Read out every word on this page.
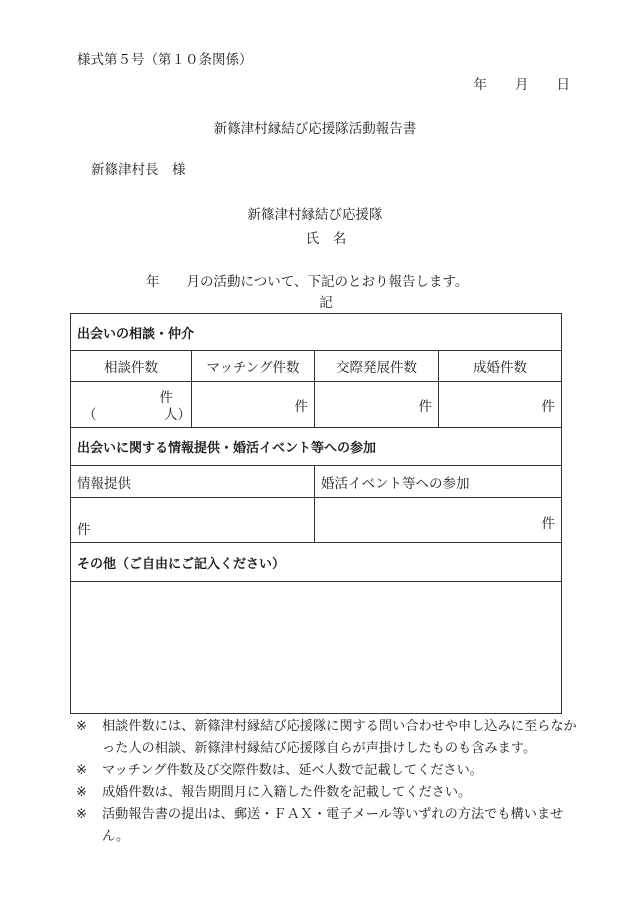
様式第５号（第１０条関係）
年 月 日
新篠津村縁結び応援隊活動報告書
新篠津村長　様
新篠津村縁結び応援隊
氏　名
年　　月の活動について、下記のとおり報告します。
記
出会いの相談・仲介			
相談件数	マッチング件数	交際発展件数	成婚件数

件
（　　　　　人）	件	件	件
出会いに関する情報提供・婚活イベント等への参加			
情報提供		婚活イベント等への参加	
件		件	
その他（ご自由にご記入ください）			

※	相談件数には、新篠津村縁結び応援隊に関する問い合わせや申し込みに至らなかった人の相談、新篠津村縁結び応援隊自らが声掛けしたものも含みます。
※	マッチング件数及び交際件数は、延べ人数で記載してください。
※	成婚件数は、報告期間月に入籍した件数を記載してください。
※	活動報告書の提出は、郵送・ＦＡＸ・電子メール等いずれの方法でも構いません。
